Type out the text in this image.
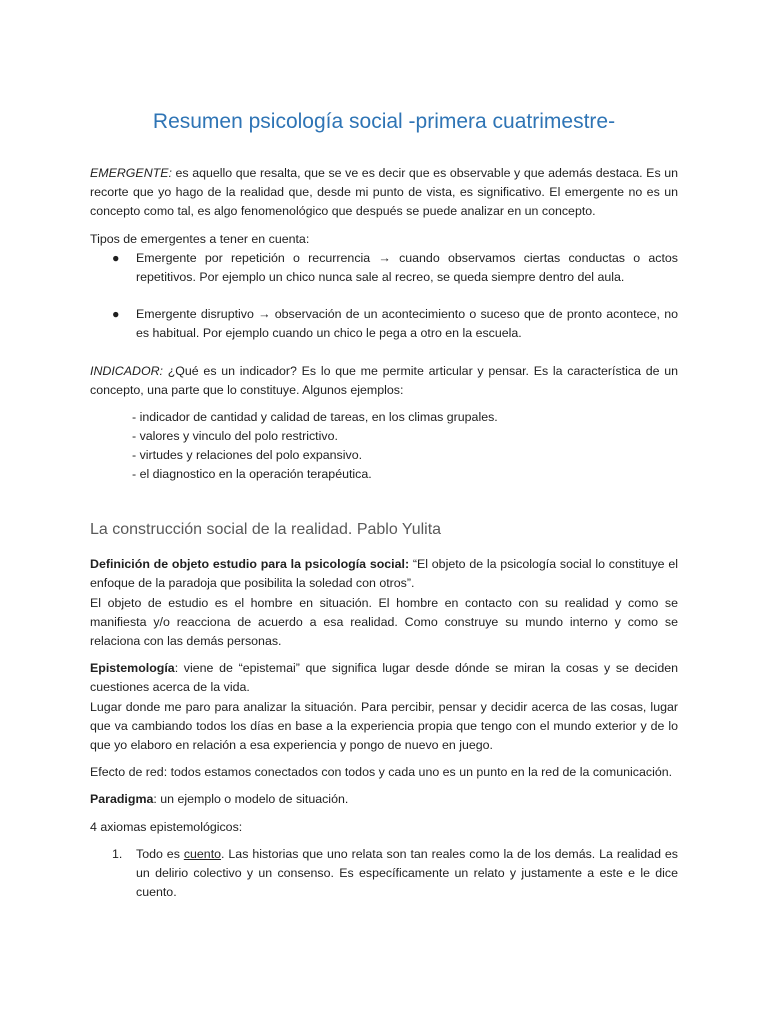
Resumen psicología social -primera cuatrimestre-

EMERGENTE: es aquello que resalta, que se ve es decir que es observable y que además destaca. Es un recorte que yo hago de la realidad que, desde mi punto de vista, es significativo. El emergente no es un concepto como tal, es algo fenomenológico que después se puede analizar en un concepto.

Tipos de emergentes a tener en cuenta:

● Emergente por repetición o recurrencia → cuando observamos ciertas conductas o actos repetitivos. Por ejemplo un chico nunca sale al recreo, se queda siempre dentro del aula.
● Emergente disruptivo → observación de un acontecimiento o suceso que de pronto acontece, no es habitual. Por ejemplo cuando un chico le pega a otro en la escuela.

INDICADOR: ¿Qué es un indicador? Es lo que me permite articular y pensar. Es la característica de un concepto, una parte que lo constituye. Algunos ejemplos:

- indicador de cantidad y calidad de tareas, en los climas grupales.
- valores y vinculo del polo restrictivo.
- virtudes y relaciones del polo expansivo.
- el diagnostico en la operación terapéutica.
La construcción social de la realidad. Pablo Yulita

Definición de objeto estudio para la psicología social: “El objeto de la psicología social lo constituye el enfoque de la paradoja que posibilita la soledad con otros”.

El objeto de estudio es el hombre en situación. El hombre en contacto con su realidad y como se manifiesta y/o reacciona de acuerdo a esa realidad. Como construye su mundo interno y como se relaciona con las demás personas.

Epistemología: viene de “epistemai” que significa lugar desde dónde se miran la cosas y se deciden cuestiones acerca de la vida.

Lugar donde me paro para analizar la situación. Para percibir, pensar y decidir acerca de las cosas, lugar que va cambiando todos los días en base a la experiencia propia que tengo con el mundo exterior y de lo que yo elaboro en relación a esa experiencia y pongo de nuevo en juego.

Efecto de red: todos estamos conectados con todos y cada uno es un punto en la red de la comunicación.

Paradigma: un ejemplo o modelo de situación.

4 axiomas epistemológicos:

1. Todo es cuento. Las historias que uno relata son tan reales como la de los demás. La realidad es un delirio colectivo y un consenso. Es específicamente un relato y justamente a este e le dice cuento.
